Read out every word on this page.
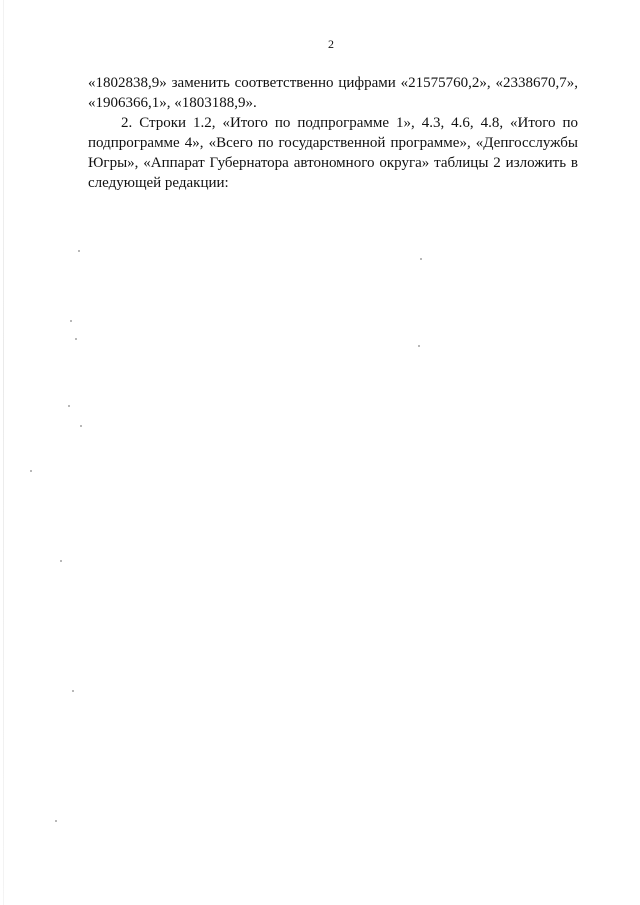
2

«1802838,9» заменить соответственно цифрами «21575760,2», «2338670,7», «1906366,1», «1803188,9».

2. Строки 1.2, «Итого по подпрограмме 1», 4.3, 4.6, 4.8, «Итого по подпрограмме 4», «Всего по государственной программе», «Депгосслужбы Югры», «Аппарат Губернатора автономного округа» таблицы 2 изложить в следующей редакции:
